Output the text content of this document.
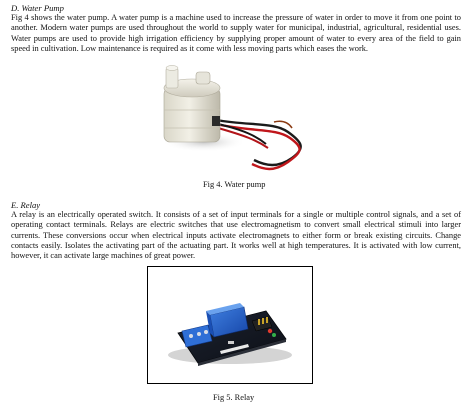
D. Water Pump
Fig 4 shows the water pump. A water pump is a machine used to increase the pressure of water in order to move it from one point to
another. Modern water pumps are used throughout the world to supply water for municipal, industrial, agricultural, residential uses.
Water pumps are used to provide high irrigation efficiency by supplying proper amount of water to every area of the field to gain
speed in cultivation. Low maintenance is required as it come with less moving parts which eases the work.
Fig 4. Water pump
E. Relay
A relay is an electrically operated switch. It consists of a set of input terminals for a single or multiple control signals, and a set of
operating contact terminals. Relays are electric switches that use electromagnetism to convert small electrical stimuli into larger
currents. These conversions occur when electrical inputs activate electromagnets to either form or break existing circuits. Change
contacts easily. Isolates the activating part of the actuating part. It works well at high temperatures. It is activated with low current,
however, it can activate large machines of great power.
Fig 5. Relay
